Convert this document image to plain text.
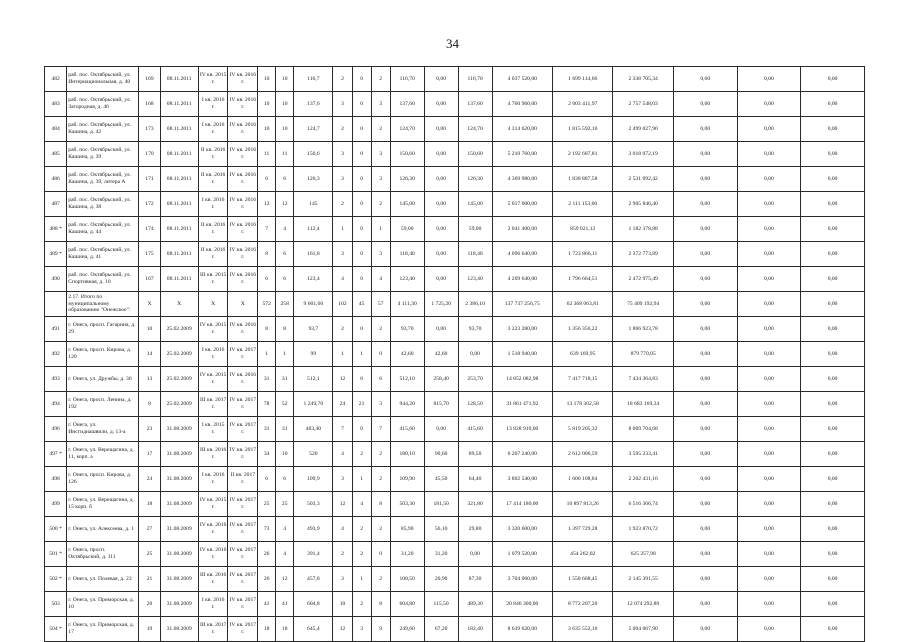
34
482	раб. пос. Октябрьский, ул. Интернациональная, д. 40	169	08.11.2011	IV кв. 2015 г.	IV кв. 2016 г.	10	10	116,7	2	0	2	116,70	0,00	116,70	4 037 520,00	1 699 114,66	2 338 705,34	0,00	0,00	0,00
483	раб. пос. Октябрьский, ул. Загородная, д. 46	168	08.11.2011	I кв. 2016 г.	IV кв. 2016 г.	10	10	137,6	3	0	3	137,60	0,00	137,60	4 760 960,00	2 003 411,97	2 757 548,03	0,00	0,00	0,00
484	раб. пос. Октябрьский, ул. Кашина, д. 42	173	08.11.2011	I кв. 2016 г.	IV кв. 2016 г.	10	10	124,7	2	0	2	124,70	0,00	124,70	4 314 620,00	1 815 592,10	2 499 027,90	0,00	0,00	0,00
485	раб. пос. Октябрьский, ул. Кашина, д. 39	170	08.11.2011	II кв. 2016 г.	IV кв. 2016 г.	11	11	150,6	3	0	3	150,60	0,00	150,60	5 210 760,00	2 192 687,81	3 018 072,19	0,00	0,00	0,00
486	раб. пос. Октябрьский, ул. Кашина, д. 39, литера А	171	08.11.2011	II кв. 2016 г.	IV кв. 2016 г.	6	6	126,3	3	0	3	126,30	0,00	126,30	4 369 980,00	1 838 887,58	2 531 092,42	0,00	0,00	0,00
487	раб. пос. Октябрьский, ул. Кашина, д. 38	172	08.11.2011	I кв. 2016 г.	IV кв. 2016 г.	12	12	145	2	0	2	145,00	0,00	145,00	5 017 000,00	2 111 153,60	2 905 846,40	0,00	0,00	0,00
488 *	раб. пос. Октябрьский, ул. Кашина, д. 44	174	08.11.2011	II кв. 2016 г.	IV кв. 2016 г.	7	4	112,4	1	0	1	59,00	0,00	59,00	2 041 400,00	859 021,12	1 182 378,88	0,00	0,00	0,00
489 *	раб. пос. Октябрьский, ул. Кашина, д. 41	175	08.11.2011	II кв. 2016 г.	IV кв. 2016 г.	8	6	161,8	3	0	3	118,40	0,00	118,40	4 096 640,00	1 723 866,11	2 372 773,89	0,00	0,00	0,00
490	раб. пос. Октябрьский, ул. Спортивная, д. 10	167	08.11.2011	III кв. 2015 г.	IV кв. 2016 г.	6	6	123,4	4	0	4	123,40	0,00	123,40	4 269 640,00	1 796 664,51	2 472 975,49	0,00	0,00	0,00
	2.17. Итого по муниципальному образованию "Онежское":	X	X	X	X	572	258	9 601,60	102	45	57	4 111,30	1 725,20	2 386,10	137 737 256,75	62 368 063,81	75 409 192,94	0,00	0,00	0,00
491	г. Онега, просп. Гагарина, д. 29	10	25.02.2009	IV кв. 2015 г.	IV кв. 2016 г.	8	8	93,7	2	0	2	93,70	0,00	93,70	3 223 280,00	1 356 356,22	1 866 923,78	0,00	0,00	0,00
492	г. Онега, просп. Кирова, д. 120	14	25.02.2009	I кв. 2016 г.	IV кв. 2017 г.	1	1	99	1	1	0	42,60	42,60	0,00	1 518 940,00	639 169,95	879 770,05	0,00	0,00	0,00
493	г. Онега, ул. Дружбы, д. 36	13	25.02.2009	IV кв. 2015 г.	IV кв. 2016 г.	31	31	512,1	12	6	6	512,10	258,40	253,70	14 852 082,98	7 417 718,15	7 434 364,83	0,00	0,00	0,00
494	г. Онега, просп. Ленина, д. 192	8	25.02.2009	III кв. 2017 г.	IV кв. 2017 г.	78	52	1 249,70	24	21	3	944,20	815,70	128,50	31 861 471,92	13 178 302,58	18 683 169,34	0,00	0,00	0,00
496	г. Онега, ул. Инсгидиашвили, д. 13-а	23	31.08.2009	I кв. 2015 г.	IV кв. 2017 г.	31	31	483,40	7	0	7	415,60	0,00	415,60	13 828 910,00	5 819 205,32	8 009 704,68	0,00	0,00	0,00
497 *	г. Онега, ул. Верещагина, д. 11, корп. а	17	31.08.2009	III кв. 2016 г.	IV кв. 2017 г.	34	10	520	4	2	2	180,10	90,60	89,50	6 207 240,00	2 612 006,59	3 595 233,41	0,00	0,00	0,00
498	г. Онега, просп. Кирова, д. 126	24	31.08.2009	I кв. 2016 г.	II кв. 2017 г.	6	6	109,9	3	1	2	109,90	45,50	64,40	3 802 540,00	1 600 108,84	2 202 431,16	0,00	0,00	0,00
499	г. Онега, ул. Верещагина, д. 15 корп. б	18	31.08.2009	IV кв. 2015 г.	IV кв. 2017 г.	25	25	503,3	12	4	8	503,30	181,50	321,80	17 414 180,00	10 897 813,26	6 516 366,74	0,00	0,00	0,00
500 *	г. Онега, ул. Алексеева, д. 1	27	31.08.2009	IV кв. 2016 г.	IV кв. 2017 г.	73	4	493,9	4	2	2	85,90	56,10	29,80	3 320 600,00	1 397 729,28	1 923 870,72	0,00	0,00	0,00
501 *	г. Онега, просп. Октябрьский, д. 111	25	31.08.2009	IV кв. 2016 г.	IV кв. 2017 г.	26	4	391,4	2	2	0	31,20	31,20	0,00	1 079 520,00	454 262,02	625 257,98	0,00	0,00	0,00
502 *	г. Онега, ул. Полевая, д. 23	21	31.08.2009	III кв. 2016 г.	IV кв. 2017 г.	26	12	457,8	3	1	2	108,50	20,90	87,30	3 704 060,00	1 558 668,45	2 145 391,55	0,00	0,00	0,00
503	г. Онега, ул. Приморская, д. 10	20	31.08.2009	I кв. 2016 г.	IV кв. 2017 г.	41	41	604,8	10	2	8	604,80	115,50	489,30	20 846 300,00	8 772 207,20	12 074 292,80	0,00	0,00	0,00
504 *	г. Онега, ул. Приморская, д. 17	19	31.08.2009	III кв. 2017 г.	IV кв. 2017 г.	18	18	645,4	12	3	9	249,60	67,20	182,40	8 639 620,00	3 635 552,10	5 004 067,90	0,00	0,00	0,00
